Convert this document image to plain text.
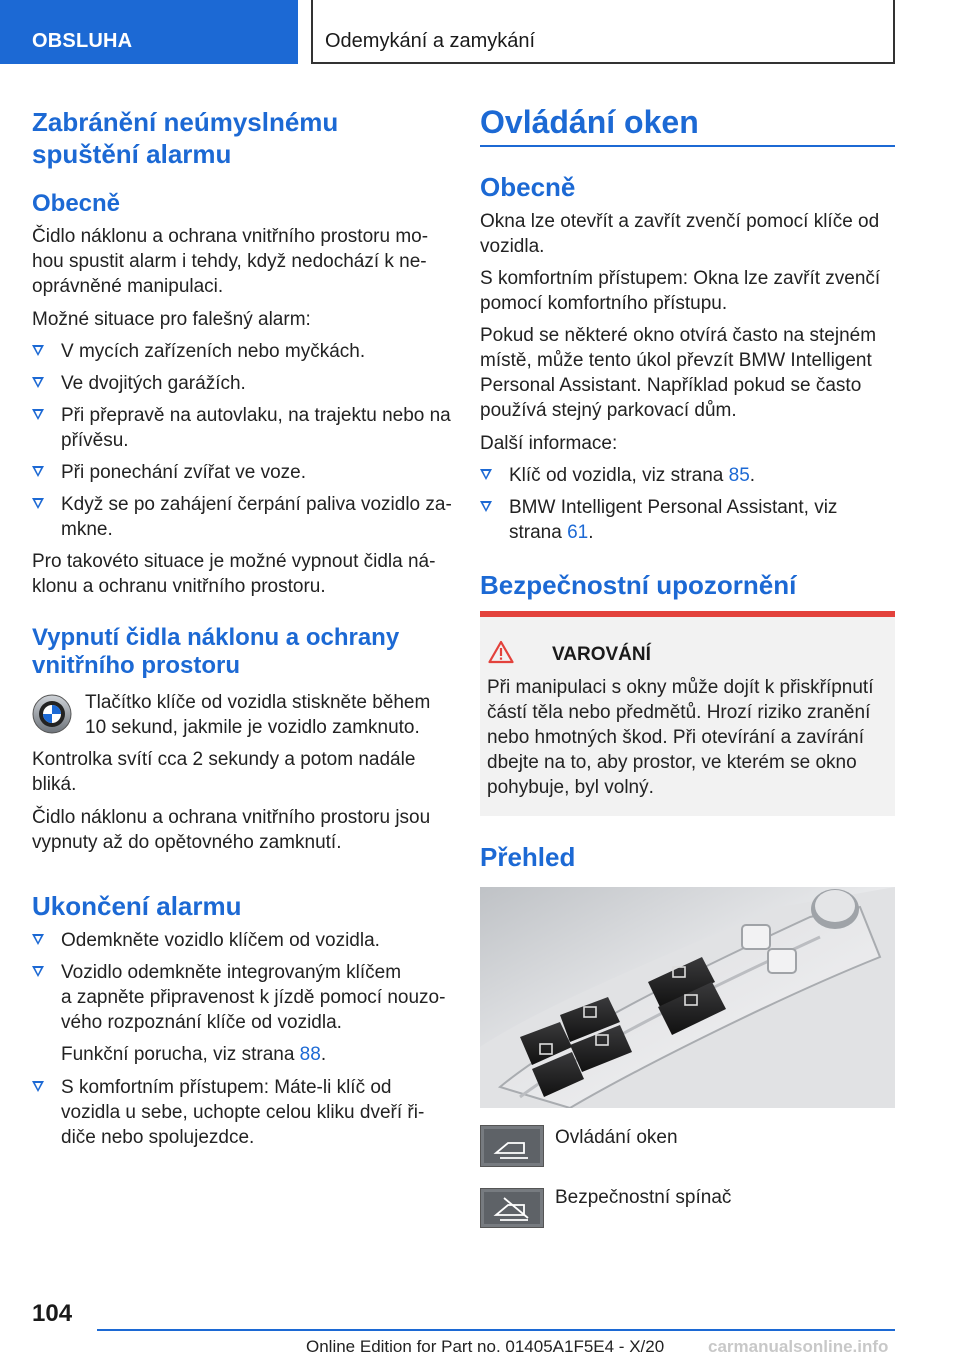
OBSLUHA	Odemykání a zamykání
Zabránění neúmyslnému
spuštění alarmu
Obecně
Čidlo náklonu a ochrana vnitřního prostoru mo-
hou spustit alarm i tehdy, když nedochází k ne-
oprávněné manipulaci.
Možné situace pro falešný alarm:
V mycích zařízeních nebo myčkách.
Ve dvojitých garážích.
Při přepravě na autovlaku, na trajektu nebo na
přívěsu.
Při ponechání zvířat ve voze.
Když se po zahájení čerpání paliva vozidlo za-
mkne.
Pro takovéto situace je možné vypnout čidla ná-
klonu a ochranu vnitřního prostoru.
Vypnutí čidla náklonu a ochrany
vnitřního prostoru
Tlačítko klíče od vozidla stiskněte během
10 sekund, jakmile je vozidlo zamknuto.
Kontrolka svítí cca 2 sekundy a potom nadále
bliká.
Čidlo náklonu a ochrana vnitřního prostoru jsou
vypnuty až do opětovného zamknutí.
Ukončení alarmu
Odemkněte vozidlo klíčem od vozidla.
Vozidlo odemkněte integrovaným klíčem
a zapněte připravenost k jízdě pomocí nouzo-
vého rozpoznání klíče od vozidla.
Funkční porucha, viz strana 88.
S komfortním přístupem: Máte-li klíč od
vozidla u sebe, uchopte celou kliku dveří ři-
diče nebo spolujezdce.
Ovládání oken
Obecně
Okna lze otevřít a zavřít zvenčí pomocí klíče od
vozidla.
S komfortním přístupem: Okna lze zavřít zvenčí
pomocí komfortního přístupu.
Pokud se některé okno otvírá často na stejném
místě, může tento úkol převzít BMW Intelligent
Personal Assistant. Například pokud se často
používá stejný parkovací dům.
Další informace:
Klíč od vozidla, viz strana 85.
BMW Intelligent Personal Assistant, viz
strana 61.
Bezpečnostní upozornění
VAROVÁNÍ
Při manipulaci s okny může dojít k přiskřípnutí
částí těla nebo předmětů. Hrozí riziko zranění
nebo hmotných škod. Při otevírání a zavírání
dbejte na to, aby prostor, ve kterém se okno
pohybuje, byl volný.
Přehled
Ovládání oken
Bezpečnostní spínač
104
Online Edition for Part no. 01405A1F5E4 - X/20	carmanualsonline.info
